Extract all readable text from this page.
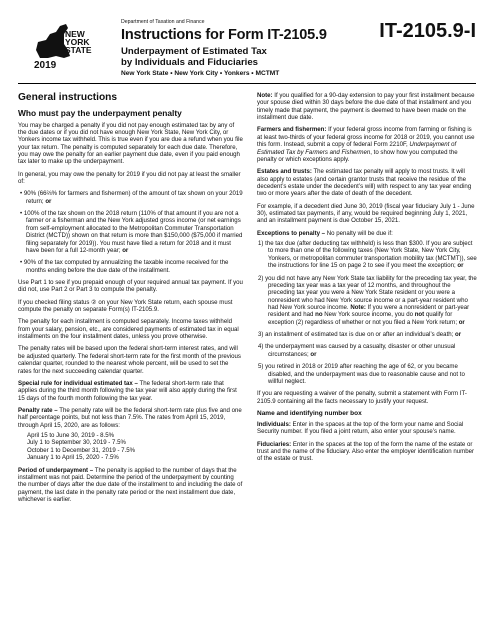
NEW
YORK
STATE
2019
Department of Taxation and Finance
Instructions for Form IT-2105.9
Underpayment of Estimated Tax
by Individuals and Fiduciaries
New York State • New York City • Yonkers • MCTMT
IT-2105.9-I
General instructions
Who must pay the underpayment penalty

You may be charged a penalty if you did not pay enough estimated tax by any of the due dates or if you did not have enough New York State, New York City, or Yonkers income tax withheld. This is true even if you are due a refund when you file your tax return. The penalty is computed separately for each due date. Therefore, you may owe the penalty for an earlier payment due date, even if you paid enough tax later to make up the underpayment.

In general, you may owe the penalty for 2019 if you did not pay at least the smaller of:

• 90% (66⅔% for farmers and fishermen) of the amount of tax shown on your 2019 return; or

• 100% of the tax shown on the 2018 return (110% of that amount if you are not a farmer or a fisherman and the New York adjusted gross income (or net earnings from self-employment allocated to the Metropolitan Commuter Transportation District (MCTD)) shown on that return is more than $150,000 ($75,000 if married filing separately for 2019)). You must have filed a return for 2018 and it must have been for a full 12-month year; or

• 90% of the tax computed by annualizing the taxable income received for the months ending before the due date of the installment.

Use Part 1 to see if you prepaid enough of your required annual tax payment. If you did not, use Part 2 or Part 3 to compute the penalty.

If you checked filing status ② on your New York State return, each spouse must compute the penalty on separate Form(s) IT-2105.9.

The penalty for each installment is computed separately. Income taxes withheld from your salary, pension, etc., are considered payments of estimated tax in equal installments on the four installment dates, unless you prove otherwise.

The penalty rates will be based upon the federal short-term interest rates, and will be adjusted quarterly. The federal short-term rate for the first month of the previous calendar quarter, rounded to the nearest whole percent, will be used to set the rates for the next succeeding calendar quarter.

Special rule for individual estimated tax – The federal short-term rate that applies during the third month following the tax year will also apply during the first 15 days of the fourth month following the tax year.

Penalty rate – The penalty rate will be the federal short-term rate plus five and one half percentage points, but not less than 7.5%. The rates from April 15, 2019, through April 15, 2020, are as follows:

April 15 to June 30, 2019 - 8.5%
July 1 to September 30, 2019 - 7.5%
October 1 to December 31, 2019 - 7.5%
January 1 to April 15, 2020 - 7.5%

Period of underpayment – The penalty is applied to the number of days that the installment was not paid. Determine the period of the underpayment by counting the number of days after the due date of the installment to and including the date of payment, the last date in the penalty rate period or the next installment due date, whichever is earlier.

Note: If you qualified for a 90-day extension to pay your first installment because your spouse died within 30 days before the due date of that installment and you timely made that payment, the payment is deemed to have been made on the installment due date.

Farmers and fishermen: If your federal gross income from farming or fishing is at least two-thirds of your federal gross income for 2018 or 2019, you cannot use this form. Instead, submit a copy of federal Form 2210F, Underpayment of Estimated Tax by Farmers and Fishermen, to show how you computed the penalty or which exceptions apply.

Estates and trusts: The estimated tax penalty will apply to most trusts. It will also apply to estates (and certain grantor trusts that receive the residue of the decedent’s estate under the decedent’s will) with respect to any tax year ending two or more years after the date of death of the decedent.

For example, if a decedent died June 30, 2019 (fiscal year fiduciary July 1 - June 30), estimated tax payments, if any, would be required beginning July 1, 2021, and an installment payment is due October 15, 2021.

Exceptions to penalty – No penalty will be due if:

1) the tax due (after deducting tax withheld) is less than $300. If you are subject to more than one of the following taxes (New York State, New York City, Yonkers, or metropolitan commuter transportation mobility tax (MCTMT)), see the instructions for line 15 on page 2 to see if you meet the exception; or

2) you did not have any New York State tax liability for the preceding tax year, the preceding tax year was a tax year of 12 months, and throughout the preceding tax year you were a New York State resident or you were a nonresident who had New York source income or a part-year resident who had New York source income. Note: If you were a nonresident or part-year resident and had no New York source income, you do not qualify for exception (2) regardless of whether or not you filed a New York return; or

3) an installment of estimated tax is due on or after an individual’s death; or

4) the underpayment was caused by a casualty, disaster or other unusual circumstances; or

5) you retired in 2018 or 2019 after reaching the age of 62, or you became disabled, and the underpayment was due to reasonable cause and not to willful neglect.

If you are requesting a waiver of the penalty, submit a statement with Form IT-2105.9 containing all the facts necessary to justify your request.

Name and identifying number box

Individuals: Enter in the spaces at the top of the form your name and Social Security number. If you filed a joint return, also enter your spouse’s name.

Fiduciaries: Enter in the spaces at the top of the form the name of the estate or trust and the name of the fiduciary. Also enter the employer identification number of the estate or trust.
